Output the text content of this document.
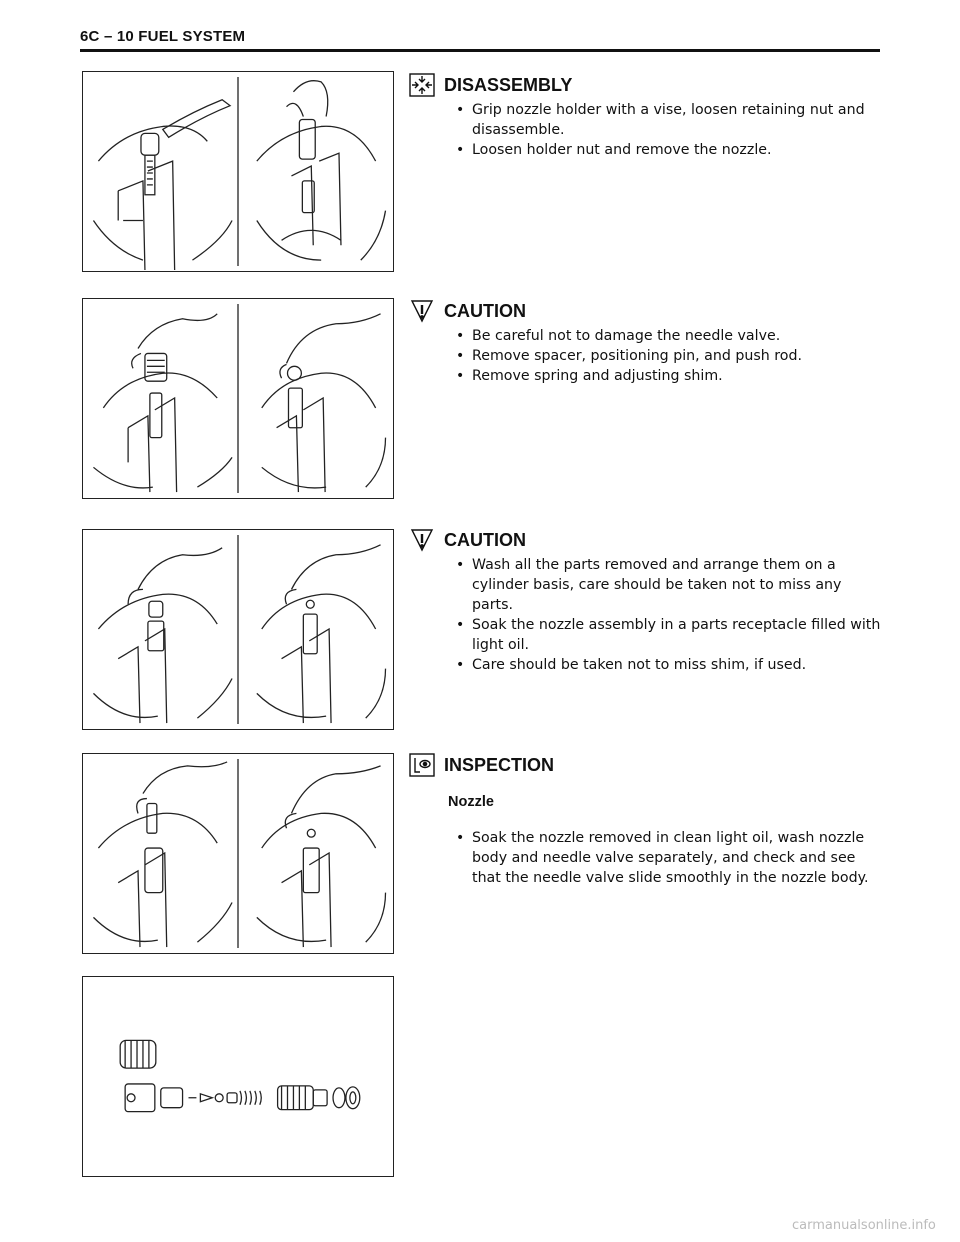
6C – 10 FUEL SYSTEM
DISASSEMBLY
• Grip nozzle holder with a vise, loosen retaining nut and disassemble.
• Loosen holder nut and remove the nozzle.
CAUTION
• Be careful not to damage the needle valve.
• Remove spacer, positioning pin, and push rod.
• Remove spring and adjusting shim.
CAUTION
• Wash all the parts removed and arrange them on a cylinder basis, care should be taken not to miss any parts.
• Soak the nozzle assembly in a parts receptacle filled with light oil.
• Care should be taken not to miss shim, if used.
INSPECTION
Nozzle
• Soak the nozzle removed in clean light oil, wash nozzle body and needle valve separately, and check and see that the needle valve slide smoothly in the nozzle body.
carmanualsonline.info
